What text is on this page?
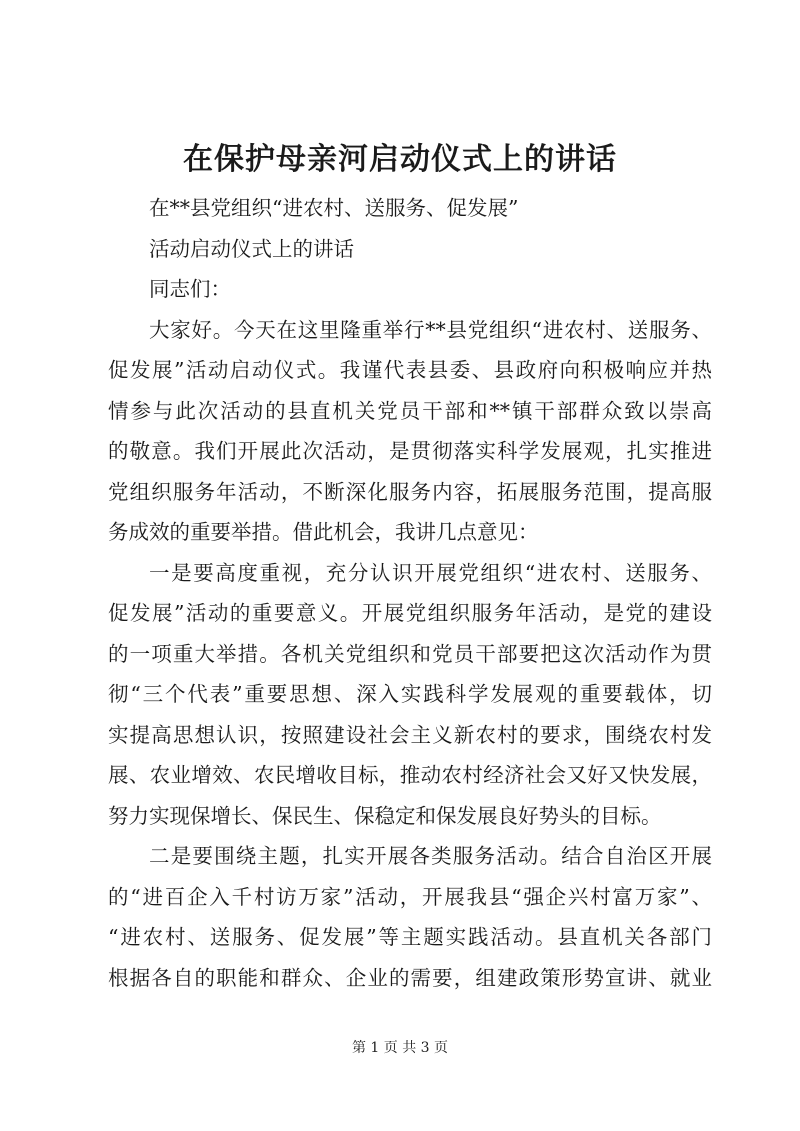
在保护母亲河启动仪式上的讲话
在**县党组织“进农村、送服务、促发展”
活动启动仪式上的讲话
同志们：
大家好。今天在这里隆重举行**县党组织“进农村、送服务、
促发展”活动启动仪式。我谨代表县委、县政府向积极响应并热
情参与此次活动的县直机关党员干部和**镇干部群众致以崇高
的敬意。我们开展此次活动，是贯彻落实科学发展观，扎实推进
党组织服务年活动，不断深化服务内容，拓展服务范围，提高服
务成效的重要举措。借此机会，我讲几点意见：
一是要高度重视，充分认识开展党组织“进农村、送服务、
促发展”活动的重要意义。开展党组织服务年活动，是党的建设
的一项重大举措。各机关党组织和党员干部要把这次活动作为贯
彻“三个代表”重要思想、深入实践科学发展观的重要载体，切
实提高思想认识，按照建设社会主义新农村的要求，围绕农村发
展、农业增效、农民增收目标，推动农村经济社会又好又快发展，
努力实现保增长、保民生、保稳定和保发展良好势头的目标。
二是要围绕主题，扎实开展各类服务活动。结合自治区开展
的“进百企入千村访万家”活动，开展我县“强企兴村富万家”、
“进农村、送服务、促发展”等主题实践活动。县直机关各部门
根据各自的职能和群众、企业的需要，组建政策形势宣讲、就业
第 1 页 共 3 页
